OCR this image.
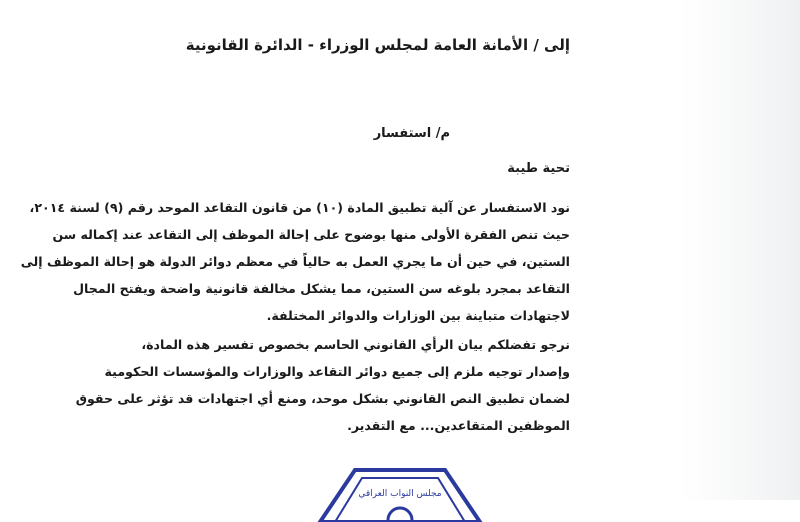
إلى / الأمانة العامة لمجلس الوزراء - الدائرة القانونية
م/ استفسار
تحية طيبة
نود الاستفسار عن آلية تطبيق المادة (١٠) من قانون التقاعد الموحد رقم (٩) لسنة ٢٠١٤،
حيث تنص الفقرة الأولى منها بوضوح على إحالة الموظف إلى التقاعد عند إكماله سن
الستين، في حين أن ما يجري العمل به حالياً في معظم دوائر الدولة هو إحالة الموظف إلى
التقاعد بمجرد بلوغه سن الستين، مما يشكل مخالفة قانونية واضحة ويفتح المجال
لاجتهادات متباينة بين الوزارات والدوائر المختلفة.
نرجو تفضلكم بيان الرأي القانوني الحاسم بخصوص تفسير هذه المادة،
وإصدار توجيه ملزم إلى جميع دوائر التقاعد والوزارات والمؤسسات الحكومية
لضمان تطبيق النص القانوني بشكل موحد، ومنع أي اجتهادات قد تؤثر على حقوق
الموظفين المتقاعدين... مع التقدير.
مجلس النواب العراقي
